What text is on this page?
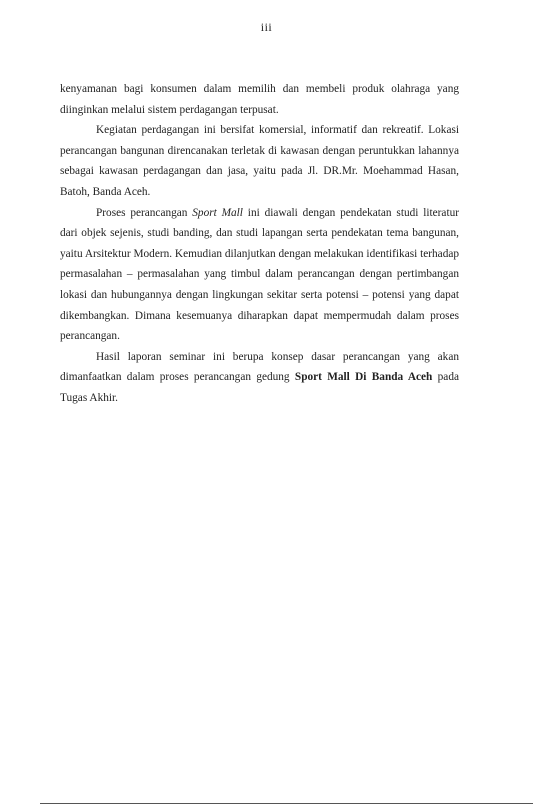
iii

kenyamanan bagi konsumen dalam memilih dan membeli produk olahraga yang diinginkan melalui sistem perdagangan terpusat.

Kegiatan perdagangan ini bersifat komersial, informatif dan rekreatif. Lokasi perancangan bangunan direncanakan terletak di kawasan dengan peruntukkan lahannya sebagai kawasan perdagangan dan jasa, yaitu pada Jl. DR.Mr. Moehammad Hasan, Batoh, Banda Aceh.

Proses perancangan Sport Mall ini diawali dengan pendekatan studi literatur dari objek sejenis, studi banding, dan studi lapangan serta pendekatan tema bangunan, yaitu Arsitektur Modern. Kemudian dilanjutkan dengan melakukan identifikasi terhadap permasalahan – permasalahan yang timbul dalam perancangan dengan pertimbangan lokasi dan hubungannya dengan lingkungan sekitar serta potensi – potensi yang dapat dikembangkan. Dimana kesemuanya diharapkan dapat mempermudah dalam proses perancangan.

Hasil laporan seminar ini berupa konsep dasar perancangan yang akan dimanfaatkan dalam proses perancangan gedung Sport Mall Di Banda Aceh pada Tugas Akhir.
